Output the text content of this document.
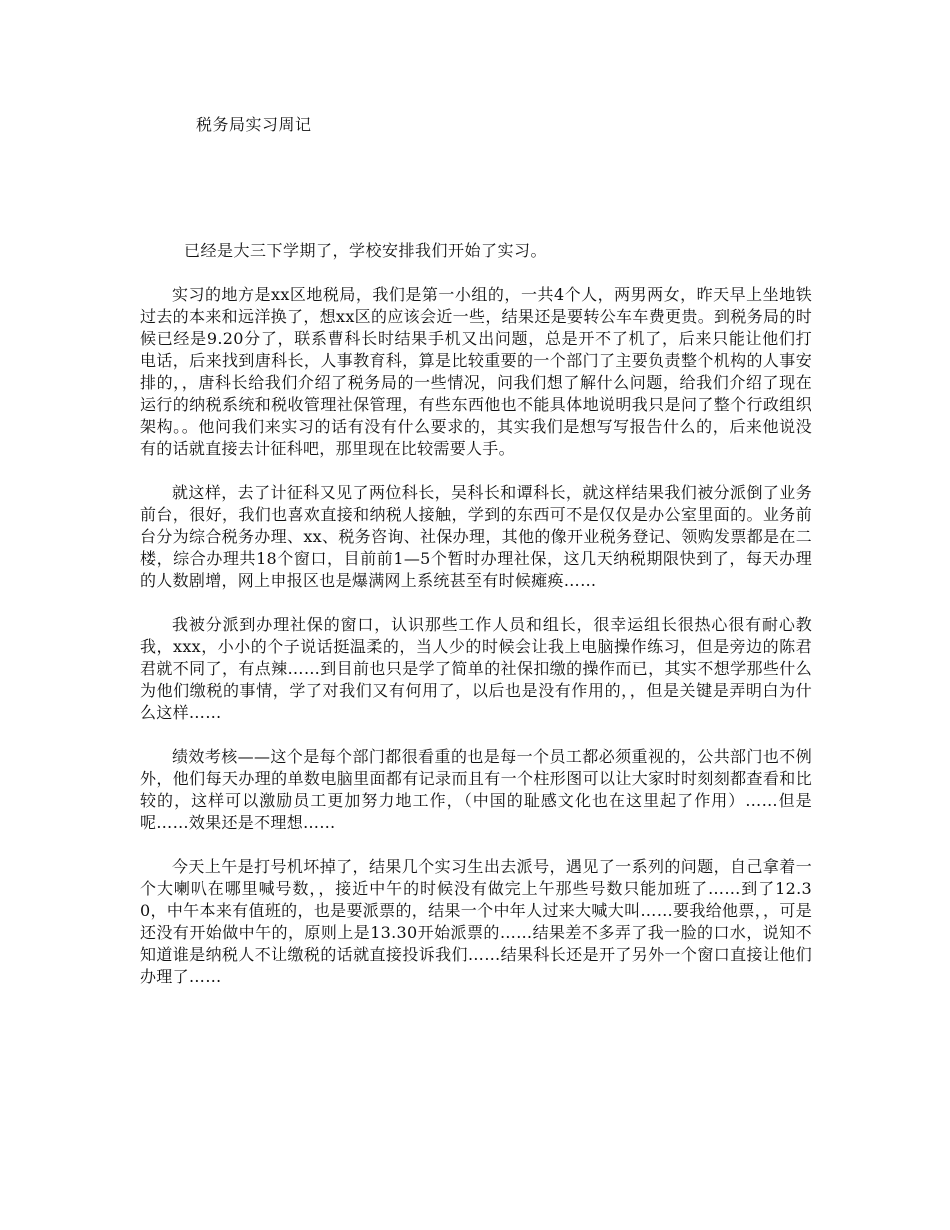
税务局实习周记

已经是大三下学期了，学校安排我们开始了实习。

实习的地方是xx区地税局，我们是第一小组的，一共4个人，两男两女，昨天早上坐地铁过去的本来和远洋换了，想xx区的应该会近一些，结果还是要转公车车费更贵。到税务局的时候已经是9.20分了，联系曹科长时结果手机又出问题，总是开不了机了，后来只能让他们打电话，后来找到唐科长，人事教育科，算是比较重要的一个部门了主要负责整个机构的人事安排的，，唐科长给我们介绍了税务局的一些情况，问我们想了解什么问题，给我们介绍了现在运行的纳税系统和税收管理社保管理，有些东西他也不能具体地说明我只是问了整个行政组织架构。。他问我们来实习的话有没有什么要求的，其实我们是想写写报告什么的，后来他说没有的话就直接去计征科吧，那里现在比较需要人手。

就这样，去了计征科又见了两位科长，吴科长和谭科长，就这样结果我们被分派倒了业务前台，很好，我们也喜欢直接和纳税人接触，学到的东西可不是仅仅是办公室里面的。业务前台分为综合税务办理、xx、税务咨询、社保办理，其他的像开业税务登记、领购发票都是在二楼，综合办理共18个窗口，目前前1—5个暂时办理社保，这几天纳税期限快到了，每天办理的人数剧增，网上申报区也是爆满网上系统甚至有时候瘫痪……

我被分派到办理社保的窗口，认识那些工作人员和组长，很幸运组长很热心很有耐心教我，xxx，小小的个子说话挺温柔的，当人少的时候会让我上电脑操作练习，但是旁边的陈君君就不同了，有点辣……到目前也只是学了简单的社保扣缴的操作而已，其实不想学那些什么为他们缴税的事情，学了对我们又有何用了，以后也是没有作用的，，但是关键是弄明白为什么这样……

绩效考核——这个是每个部门都很看重的也是每一个员工都必须重视的，公共部门也不例外，他们每天办理的单数电脑里面都有记录而且有一个柱形图可以让大家时时刻刻都查看和比较的，这样可以激励员工更加努力地工作，（中国的耻感文化也在这里起了作用）……但是呢……效果还是不理想……

今天上午是打号机坏掉了，结果几个实习生出去派号，遇见了一系列的问题，自己拿着一个大喇叭在哪里喊号数，，接近中午的时候没有做完上午那些号数只能加班了……到了12.30，中午本来有值班的，也是要派票的，结果一个中年人过来大喊大叫……要我给他票，，可是还没有开始做中午的，原则上是13.30开始派票的……结果差不多弄了我一脸的口水，说知不知道谁是纳税人不让缴税的话就直接投诉我们……结果科长还是开了另外一个窗口直接让他们办理了……
